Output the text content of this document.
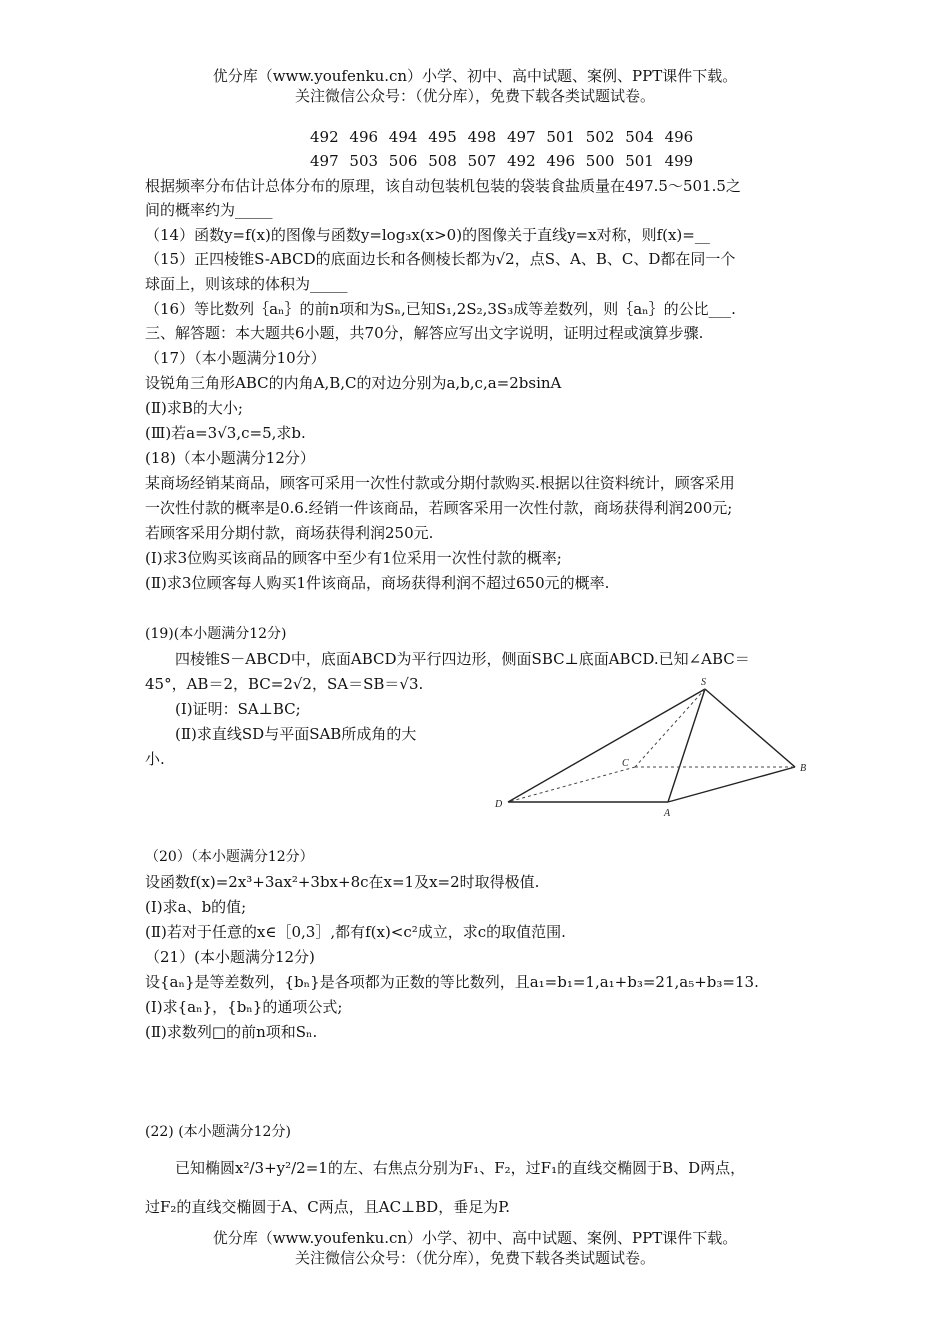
优分库（www.youfenku.cn）小学、初中、高中试题、案例、PPT课件下载。
关注微信公众号：（优分库），免费下载各类试题试卷。
492 496 494 495 498 497 501 502 504 496
497 503 506 508 507 492 496 500 501 499
根据频率分布估计总体分布的原理，该自动包装机包装的袋装食盐质量在497.5～501.5之
间的概率约为_____
（14）函数y=f(x)的图像与函数y=log₃x(x>0)的图像关于直线y=x对称，则f(x)=__
（15）正四棱锥S-ABCD的底面边长和各侧棱长都为√2，点S、A、B、C、D都在同一个
球面上，则该球的体积为_____
（16）等比数列｛aₙ｝的前n项和为Sₙ,已知S₁,2S₂,3S₃成等差数列，则｛aₙ｝的公比___.
三、解答题：本大题共6小题，共70分，解答应写出文字说明，证明过程或演算步骤.
（17）（本小题满分10分）
设锐角三角形ABC的内角A,B,C的对边分别为a,b,c,a=2bsinA
(Ⅱ)求B的大小;
(Ⅲ)若a=3√3,c=5,求b.
(18)（本小题满分12分）
某商场经销某商品，顾客可采用一次性付款或分期付款购买.根据以往资料统计，顾客采用
一次性付款的概率是0.6.经销一件该商品，若顾客采用一次性付款，商场获得利润200元;
若顾客采用分期付款，商场获得利润250元.
(Ⅰ)求3位购买该商品的顾客中至少有1位采用一次性付款的概率;
(Ⅱ)求3位顾客每人购买1件该商品，商场获得利润不超过650元的概率.
(19)(本小题满分12分)
四棱锥S－ABCD中，底面ABCD为平行四边形，侧面SBC⊥底面ABCD.已知∠ABC＝
45°，AB＝2，BC=2√2，SA＝SB＝√3.
(Ⅰ)证明：SA⊥BC;
(Ⅱ)求直线SD与平面SAB所成角的大
小.
S
C	B
D
A
（20）（本小题满分12分）
设函数f(x)=2x³+3ax²+3bx+8c在x=1及x=2时取得极值.
(Ⅰ)求a、b的值;
(Ⅱ)若对于任意的x∈［0,3］,都有f(x)<c²成立，求c的取值范围.
（21）(本小题满分12分)
设{aₙ}是等差数列，{bₙ}是各项都为正数的等比数列，且a₁=b₁=1,a₁+b₃=21,a₅+b₃=13.
(Ⅰ)求{aₙ}，{bₙ}的通项公式;
(Ⅱ)求数列□的前n项和Sₙ.
(22) (本小题满分12分)
已知椭圆x²/3+y²/2=1的左、右焦点分别为F₁、F₂，过F₁的直线交椭圆于B、D两点，
过F₂的直线交椭圆于A、C两点，且AC⊥BD，垂足为P.
优分库（www.youfenku.cn）小学、初中、高中试题、案例、PPT课件下载。
关注微信公众号：（优分库），免费下载各类试题试卷。
